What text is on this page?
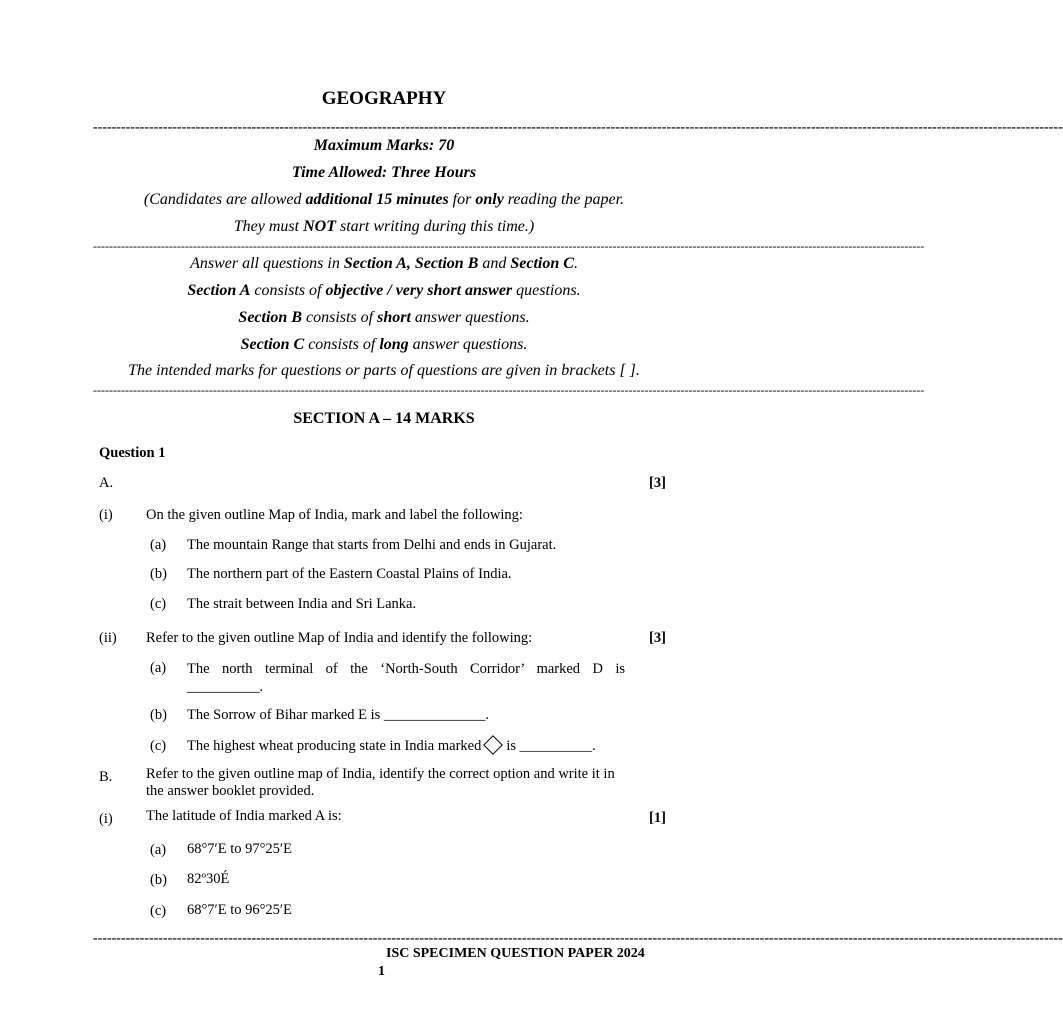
GEOGRAPHY
----------------------------------------------------------------------------------------------------------------------------------------------------------------------------------------------------------------
Maximum Marks: 70
Time Allowed: Three Hours
(Candidates are allowed additional 15 minutes for only reading the paper.
They must NOT start writing during this time.)
----------------------------------------------------------------------------------------------------------------------------------------------------------------------------------------------------------------
Answer all questions in Section A, Section B and Section C.
Section A consists of objective / very short answer questions.
Section B consists of short answer questions.
Section C consists of long answer questions.
The intended marks for questions or parts of questions are given in brackets [ ].
----------------------------------------------------------------------------------------------------------------------------------------------------------------------------------------------------------------
SECTION A – 14 MARKS
Question 1
A.	[3]
(i) On the given outline Map of India, mark and label the following:
(a) The mountain Range that starts from Delhi and ends in Gujarat.
(b) The northern part of the Eastern Coastal Plains of India.
(c) The strait between India and Sri Lanka.
(ii) Refer to the given outline Map of India and identify the following:	[3]
(a) The north terminal of the ‘North-South Corridor’ marked D is __________.
(b) The Sorrow of Bihar marked E is ______________.
(c) The highest wheat producing state in India marked is __________.
B. Refer to the given outline map of India, identify the correct option and write it in the answer booklet provided.
(i) The latitude of India marked A is:	[1]
(a) 68°7′E to 97°25′E
(b) 82º30É
(c) 68°7′E to 96°25′E
----------------------------------------------------------------------------------------------------------------------------------------------------------------------------------------------------------------
ISC SPECIMEN QUESTION PAPER 2024
1
